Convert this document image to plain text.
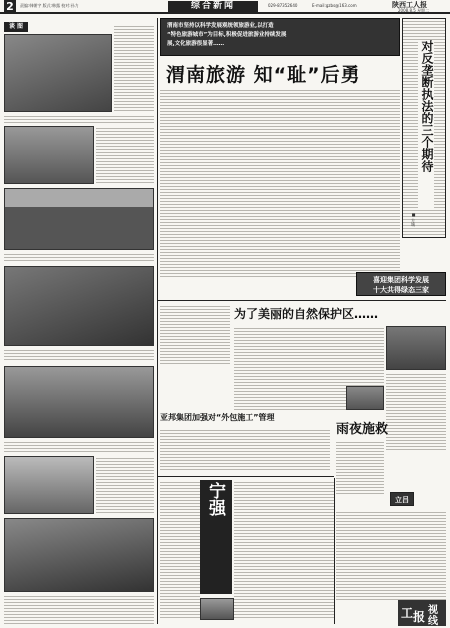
2	责编:韩朝宇 版式:韩露 校对:孙力	综合新闻	029-87352640	E-mail:gzbs@163.com	陕西工人报
2008.8.5 星期二
谈 图	渭南市坚持以科学发展观统领旅游业,以打造
“特色旅游城市”为目标,积极促进旅游业持续发展
展,文化旅游很显著……
渭南旅游 知“耻”后勇	对反垄断执法的三个期待
■ 方城
喜迎集团科学发展
十大共得绿态三家
为了美丽的自然保护区……
亚邦集团加强对“外包施工”管理
雨夜施救
立吕
宁强
工 报 视
线
